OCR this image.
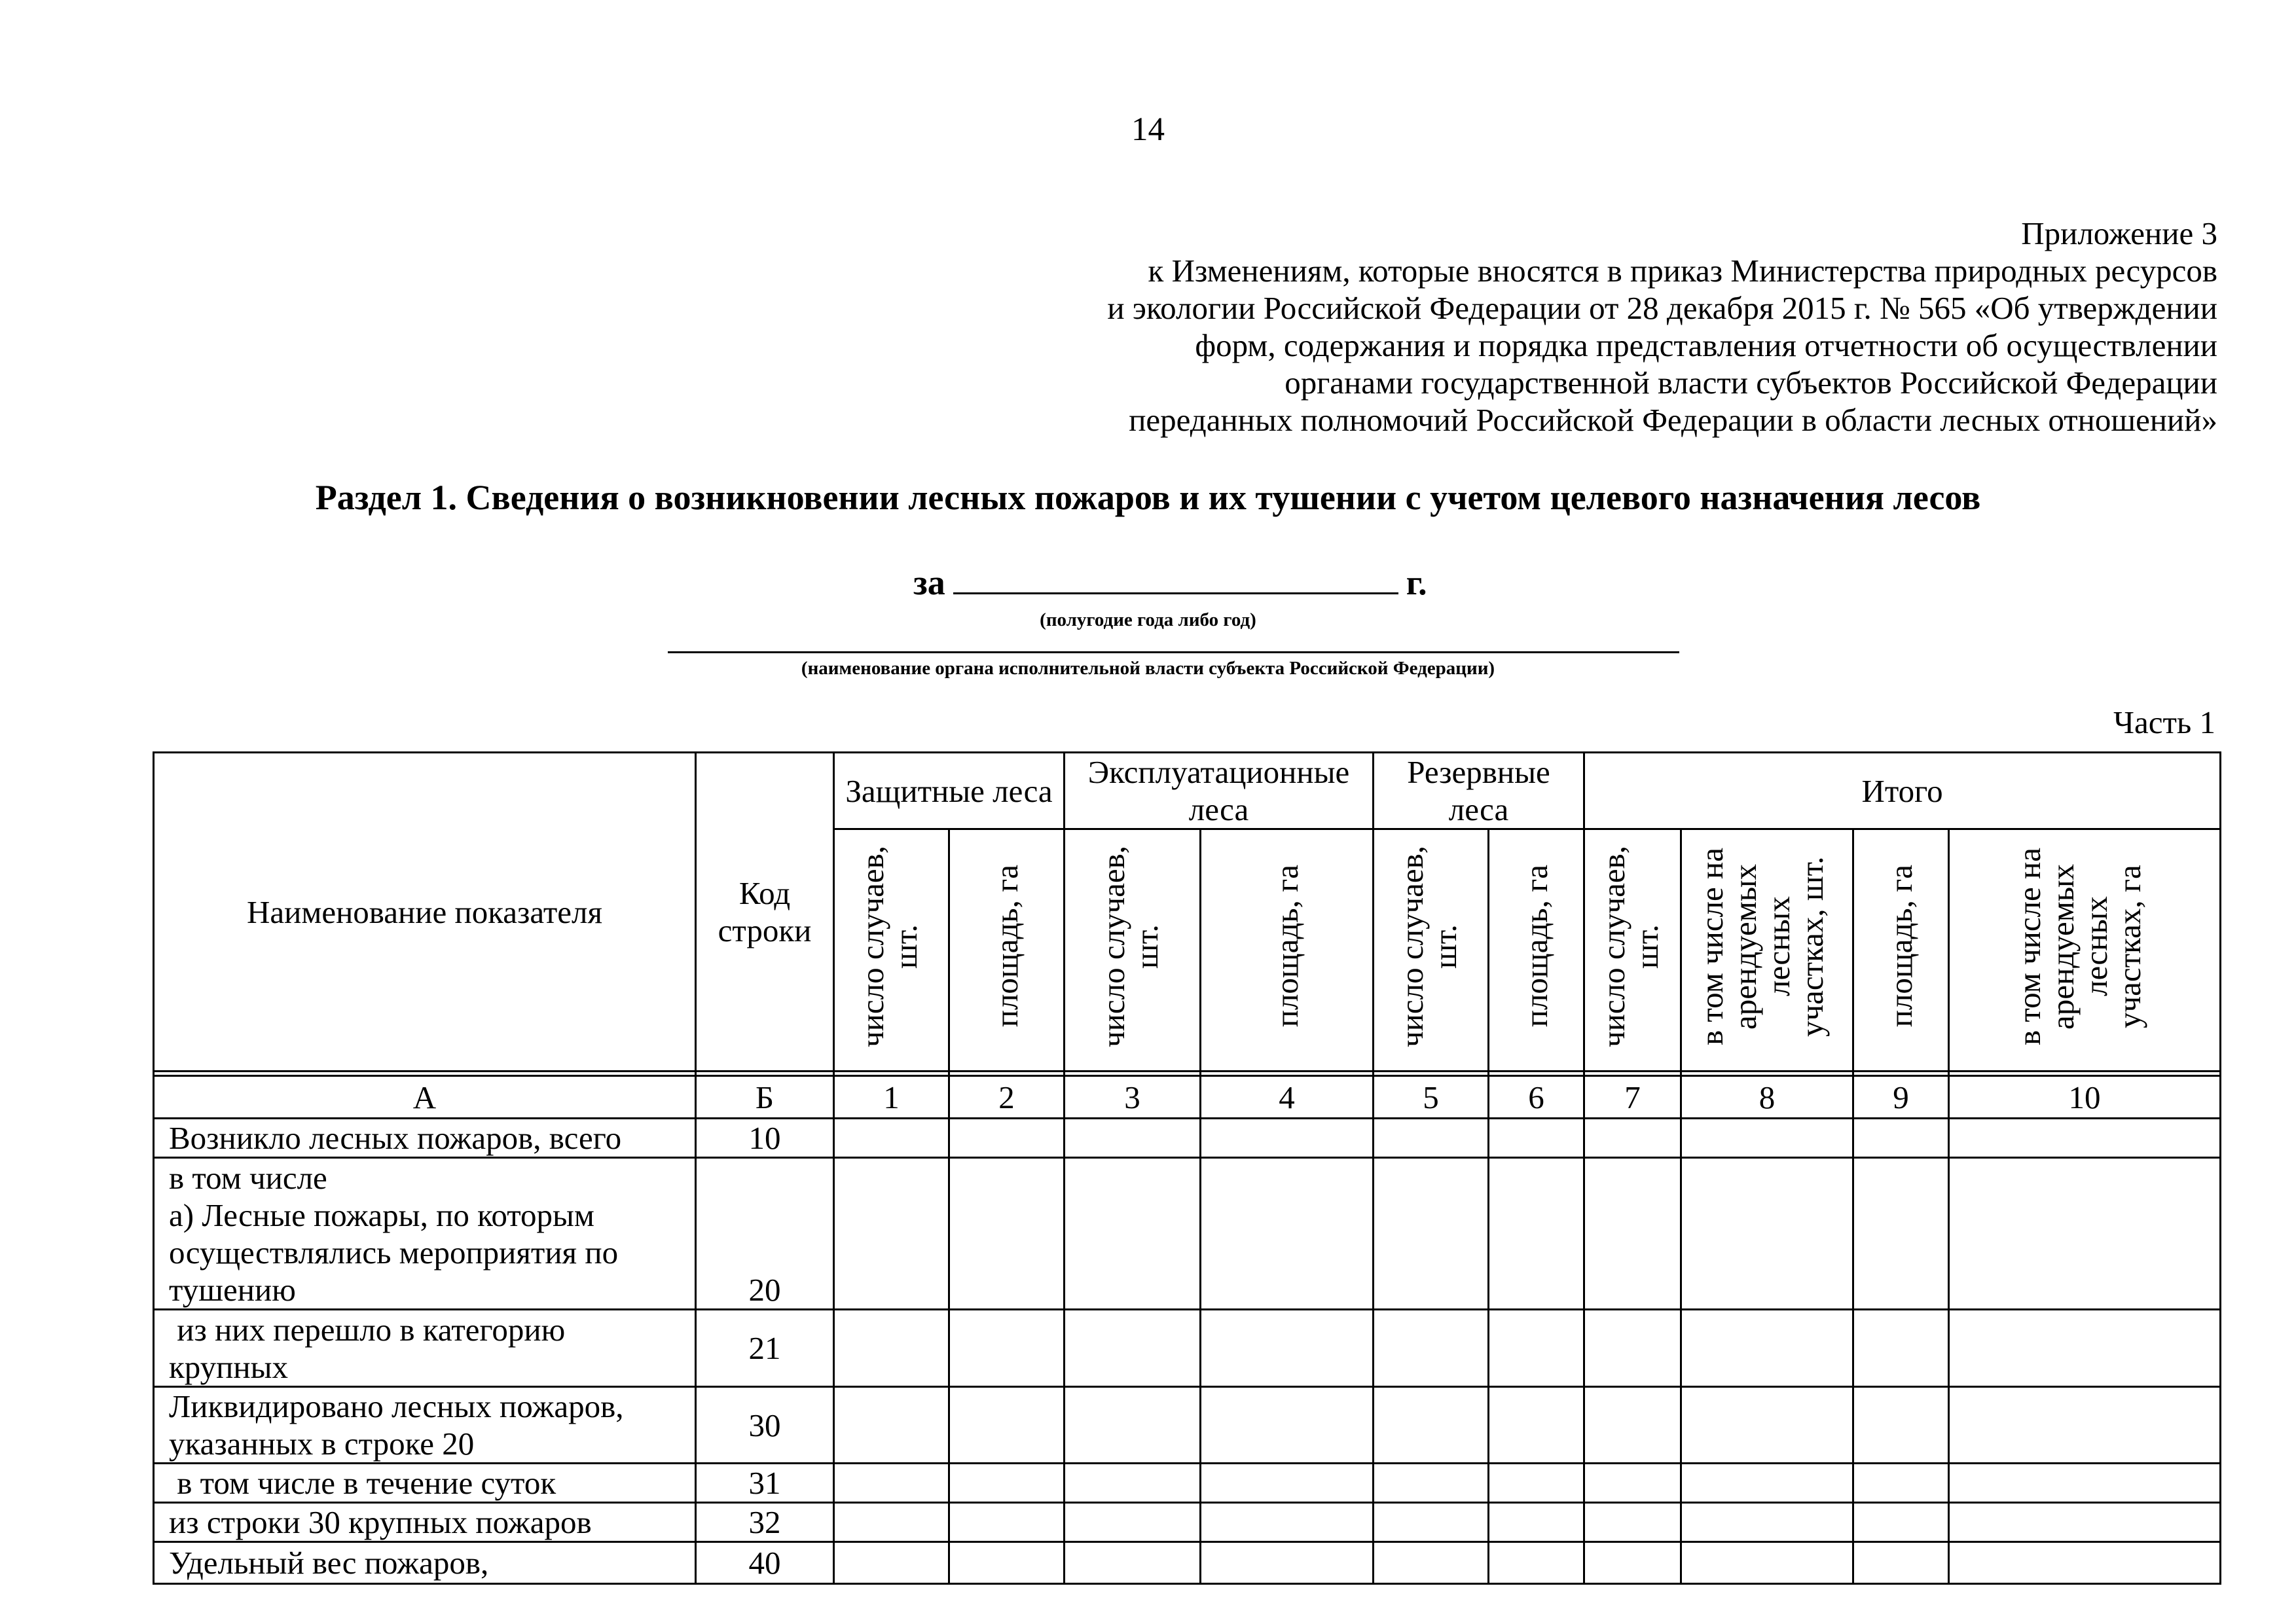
14
Приложение 3
к Изменениям, которые вносятся в приказ Министерства природных ресурсов
и экологии Российской Федерации от 28 декабря 2015 г. № 565 «Об утверждении
форм, содержания и порядка представления отчетности об осуществлении
органами государственной власти субъектов Российской Федерации
переданных полномочий Российской Федерации в области лесных отношений»
Раздел 1. Сведения о возникновении лесных пожаров и их тушении с учетом целевого назначения лесов
за	г.
(полугодие года либо год)
(наименование органа исполнительной власти субъекта Российской Федерации)
Часть 1
Наименование показателя	Код строки	Защитные леса		Эксплуатационные леса		Резервные леса		Итого			
		число случаев, шт.	площадь, га	число случаев, шт.	площадь, га	число случаев, шт.	площадь, га	число случаев, шт.	в том числе на арендуемых лесных участках, шт.	площадь, га	в том числе на арендуемых лесных участках, га

А	Б	1	2	3	4	5	6	7	8	9	10
Возникло лесных пожаров, всего	10										

в том числе
а) Лесные пожары, по которым
осуществлялись мероприятия по
тушению	20										

из них перешло в категорию
крупных	21										

Ликвидировано лесных пожаров,
указанных в строке 20	30										
в том числе в течение суток	31										
из строки 30 крупных пожаров	32										
Удельный вес пожаров,	40										
